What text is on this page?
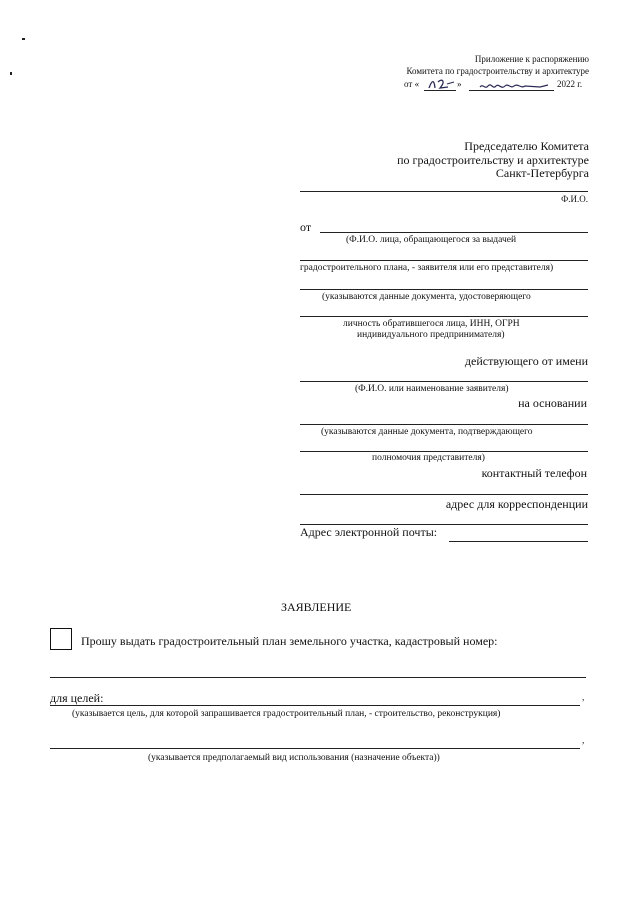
Приложение к распоряжению
Комитета по градостроительству и архитектуре
от «	»	2022 г.
Председателю Комитета
по градостроительству и архитектуре
Санкт-Петербурга
Ф.И.О.
от
(Ф.И.О. лица, обращающегося за выдачей
градостроительного плана, - заявителя или его представителя)
(указываются данные документа, удостоверяющего
личность обратившегося лица, ИНН, ОГРН
индивидуального предпринимателя)
действующего от имени
(Ф.И.О. или наименование заявителя)
на основании
(указываются данные документа, подтверждающего
полномочия представителя)
контактный телефон
адрес для корреспонденции
Адрес электронной почты:
ЗАЯВЛЕНИЕ
Прошу выдать градостроительный план земельного участка, кадастровый номер:
для целей:	,
(указывается цель, для которой запрашивается градостроительный план, - строительство, реконструкция)
,
(указывается предполагаемый вид использования (назначение объекта))
